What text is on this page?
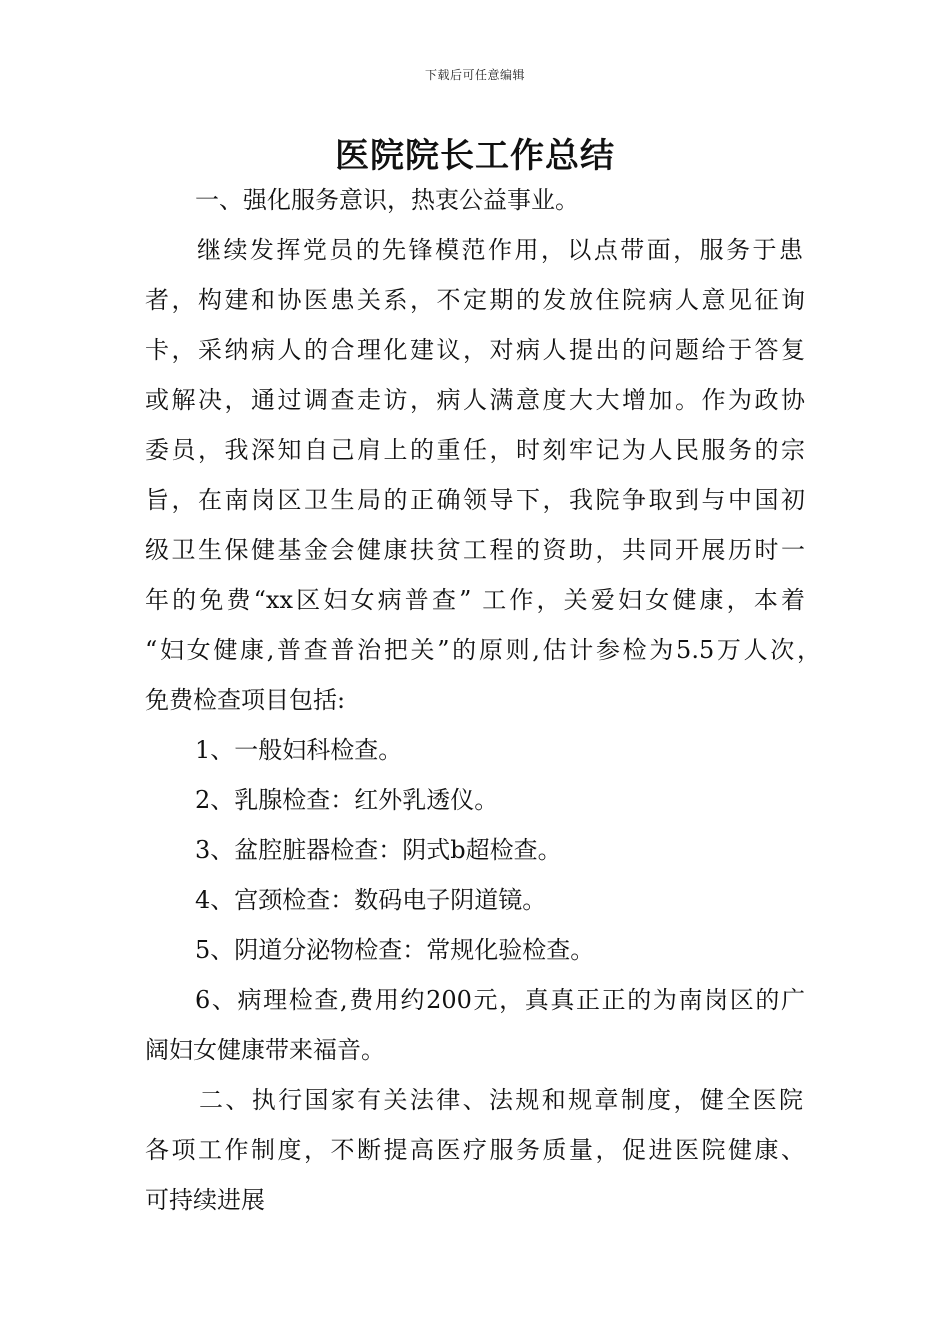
下载后可任意编辑
医院院长工作总结
一、强化服务意识，热衷公益事业。
继续发挥党员的先锋模范作用，以点带面，服务于患
者，构建和协医患关系，不定期的发放住院病人意见征询
卡，采纳病人的合理化建议，对病人提出的问题给于答复
或解决，通过调查走访，病人满意度大大增加。作为政协
委员，我深知自己肩上的重任，时刻牢记为人民服务的宗
旨，在南岗区卫生局的正确领导下，我院争取到与中国初
级卫生保健基金会健康扶贫工程的资助，共同开展历时一
年的免费“xx区妇女病普查” 工作，关爱妇女健康，本着
“妇女健康,普查普治把关”的原则,估计参检为5.5万人次，
免费检查项目包括:
1、一般妇科检查。
2、乳腺检查：红外乳透仪。
3、盆腔脏器检查：阴式b超检查。
4、宫颈检查：数码电子阴道镜。
5、阴道分泌物检查：常规化验检查。
6、病理检查,费用约200元，真真正正的为南岗区的广
阔妇女健康带来福音。
二、执行国家有关法律、法规和规章制度，健全医院
各项工作制度，不断提高医疗服务质量，促进医院健康、
可持续进展
